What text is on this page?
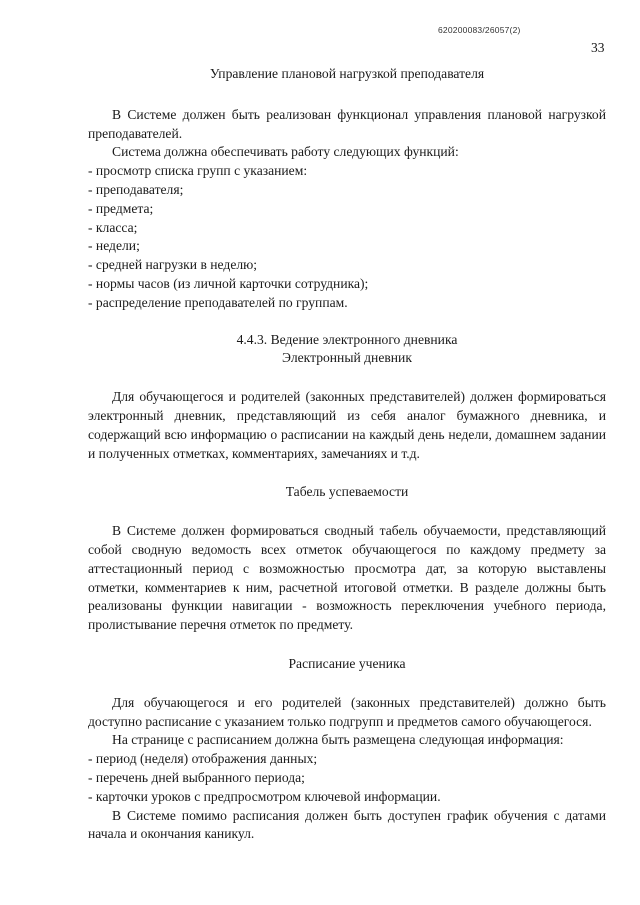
620200083/26057(2)
33

Управление плановой нагрузкой преподавателя

В Системе должен быть реализован функционал управления плановой нагрузкой преподавателей.

Система должна обеспечивать работу следующих функций:

- просмотр списка групп с указанием:

- преподавателя;

- предмета;

- класса;

- недели;

- средней нагрузки в неделю;

- нормы часов (из личной карточки сотрудника);

- распределение преподавателей по группам.

4.4.3. Ведение электронного дневника

Электронный дневник

Для обучающегося и родителей (законных представителей) должен формироваться электронный дневник, представляющий из себя аналог бумажного дневника, и содержащий всю информацию о расписании на каждый день недели, домашнем задании и полученных отметках, комментариях, замечаниях и т.д.

Табель успеваемости

В Системе должен формироваться сводный табель обучаемости, представляющий собой сводную ведомость всех отметок обучающегося по каждому предмету за аттестационный период с возможностью просмотра дат, за которую выставлены отметки, комментариев к ним, расчетной итоговой отметки. В разделе должны быть реализованы функции навигации - возможность переключения учебного периода, пролистывание перечня отметок по предмету.

Расписание ученика

Для обучающегося и его родителей (законных представителей) должно быть доступно расписание с указанием только подгрупп и предметов самого обучающегося.

На странице с расписанием должна быть размещена следующая информация:

- период (неделя) отображения данных;

- перечень дней выбранного периода;

- карточки уроков с предпросмотром ключевой информации.

В Системе помимо расписания должен быть доступен график обучения с датами начала и окончания каникул.
